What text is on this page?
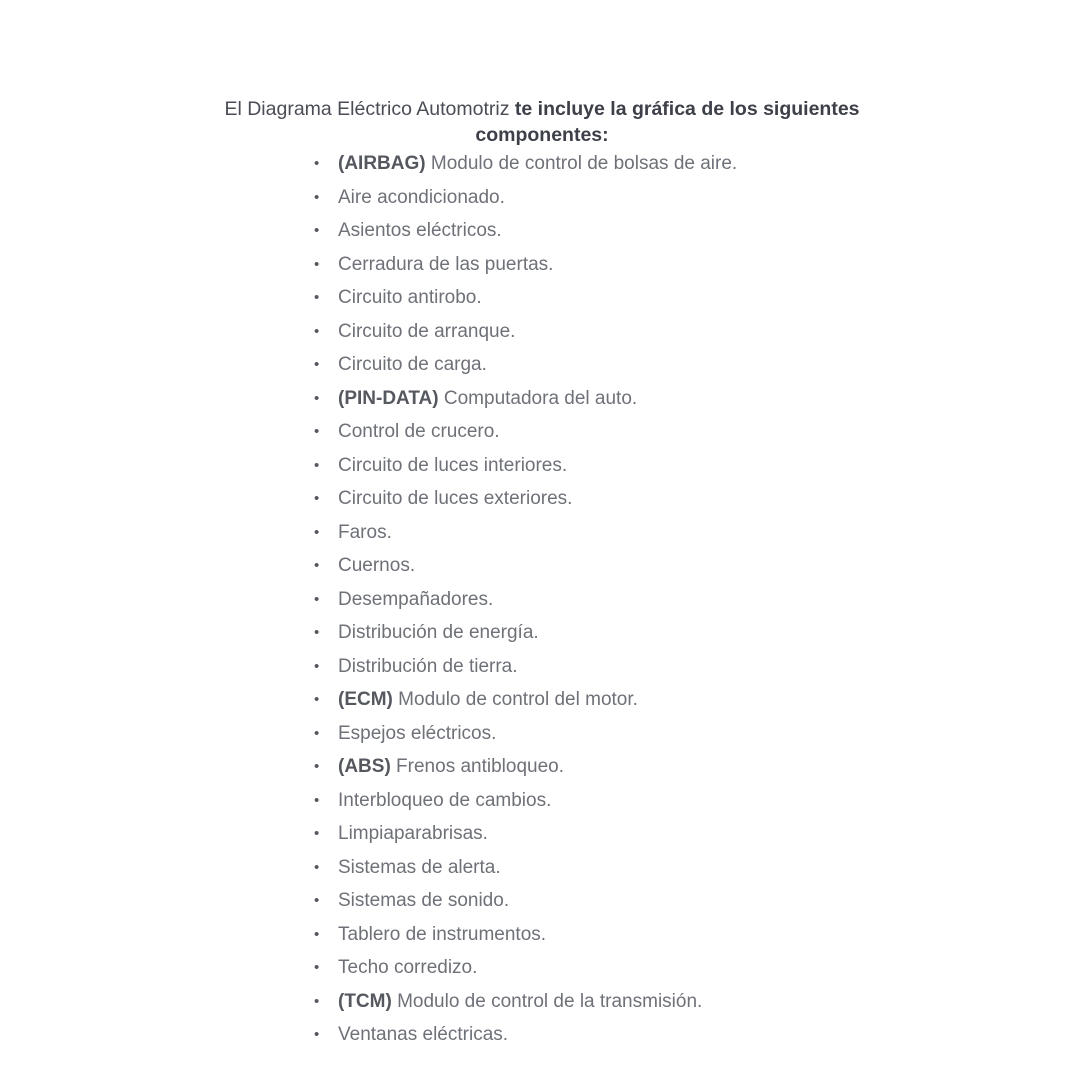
El Diagrama Eléctrico Automotriz te incluye la gráfica de los siguientes componentes:

• (AIRBAG) Modulo de control de bolsas de aire.
• Aire acondicionado.
• Asientos eléctricos.
• Cerradura de las puertas.
• Circuito antirobo.
• Circuito de arranque.
• Circuito de carga.
• (PIN-DATA) Computadora del auto.
• Control de crucero.
• Circuito de luces interiores.
• Circuito de luces exteriores.
• Faros.
• Cuernos.
• Desempañadores.
• Distribución de energía.
• Distribución de tierra.
• (ECM) Modulo de control del motor.
• Espejos eléctricos.
• (ABS) Frenos antibloqueo.
• Interbloqueo de cambios.
• Limpiaparabrisas.
• Sistemas de alerta.
• Sistemas de sonido.
• Tablero de instrumentos.
• Techo corredizo.
• (TCM) Modulo de control de la transmisión.
• Ventanas eléctricas.
